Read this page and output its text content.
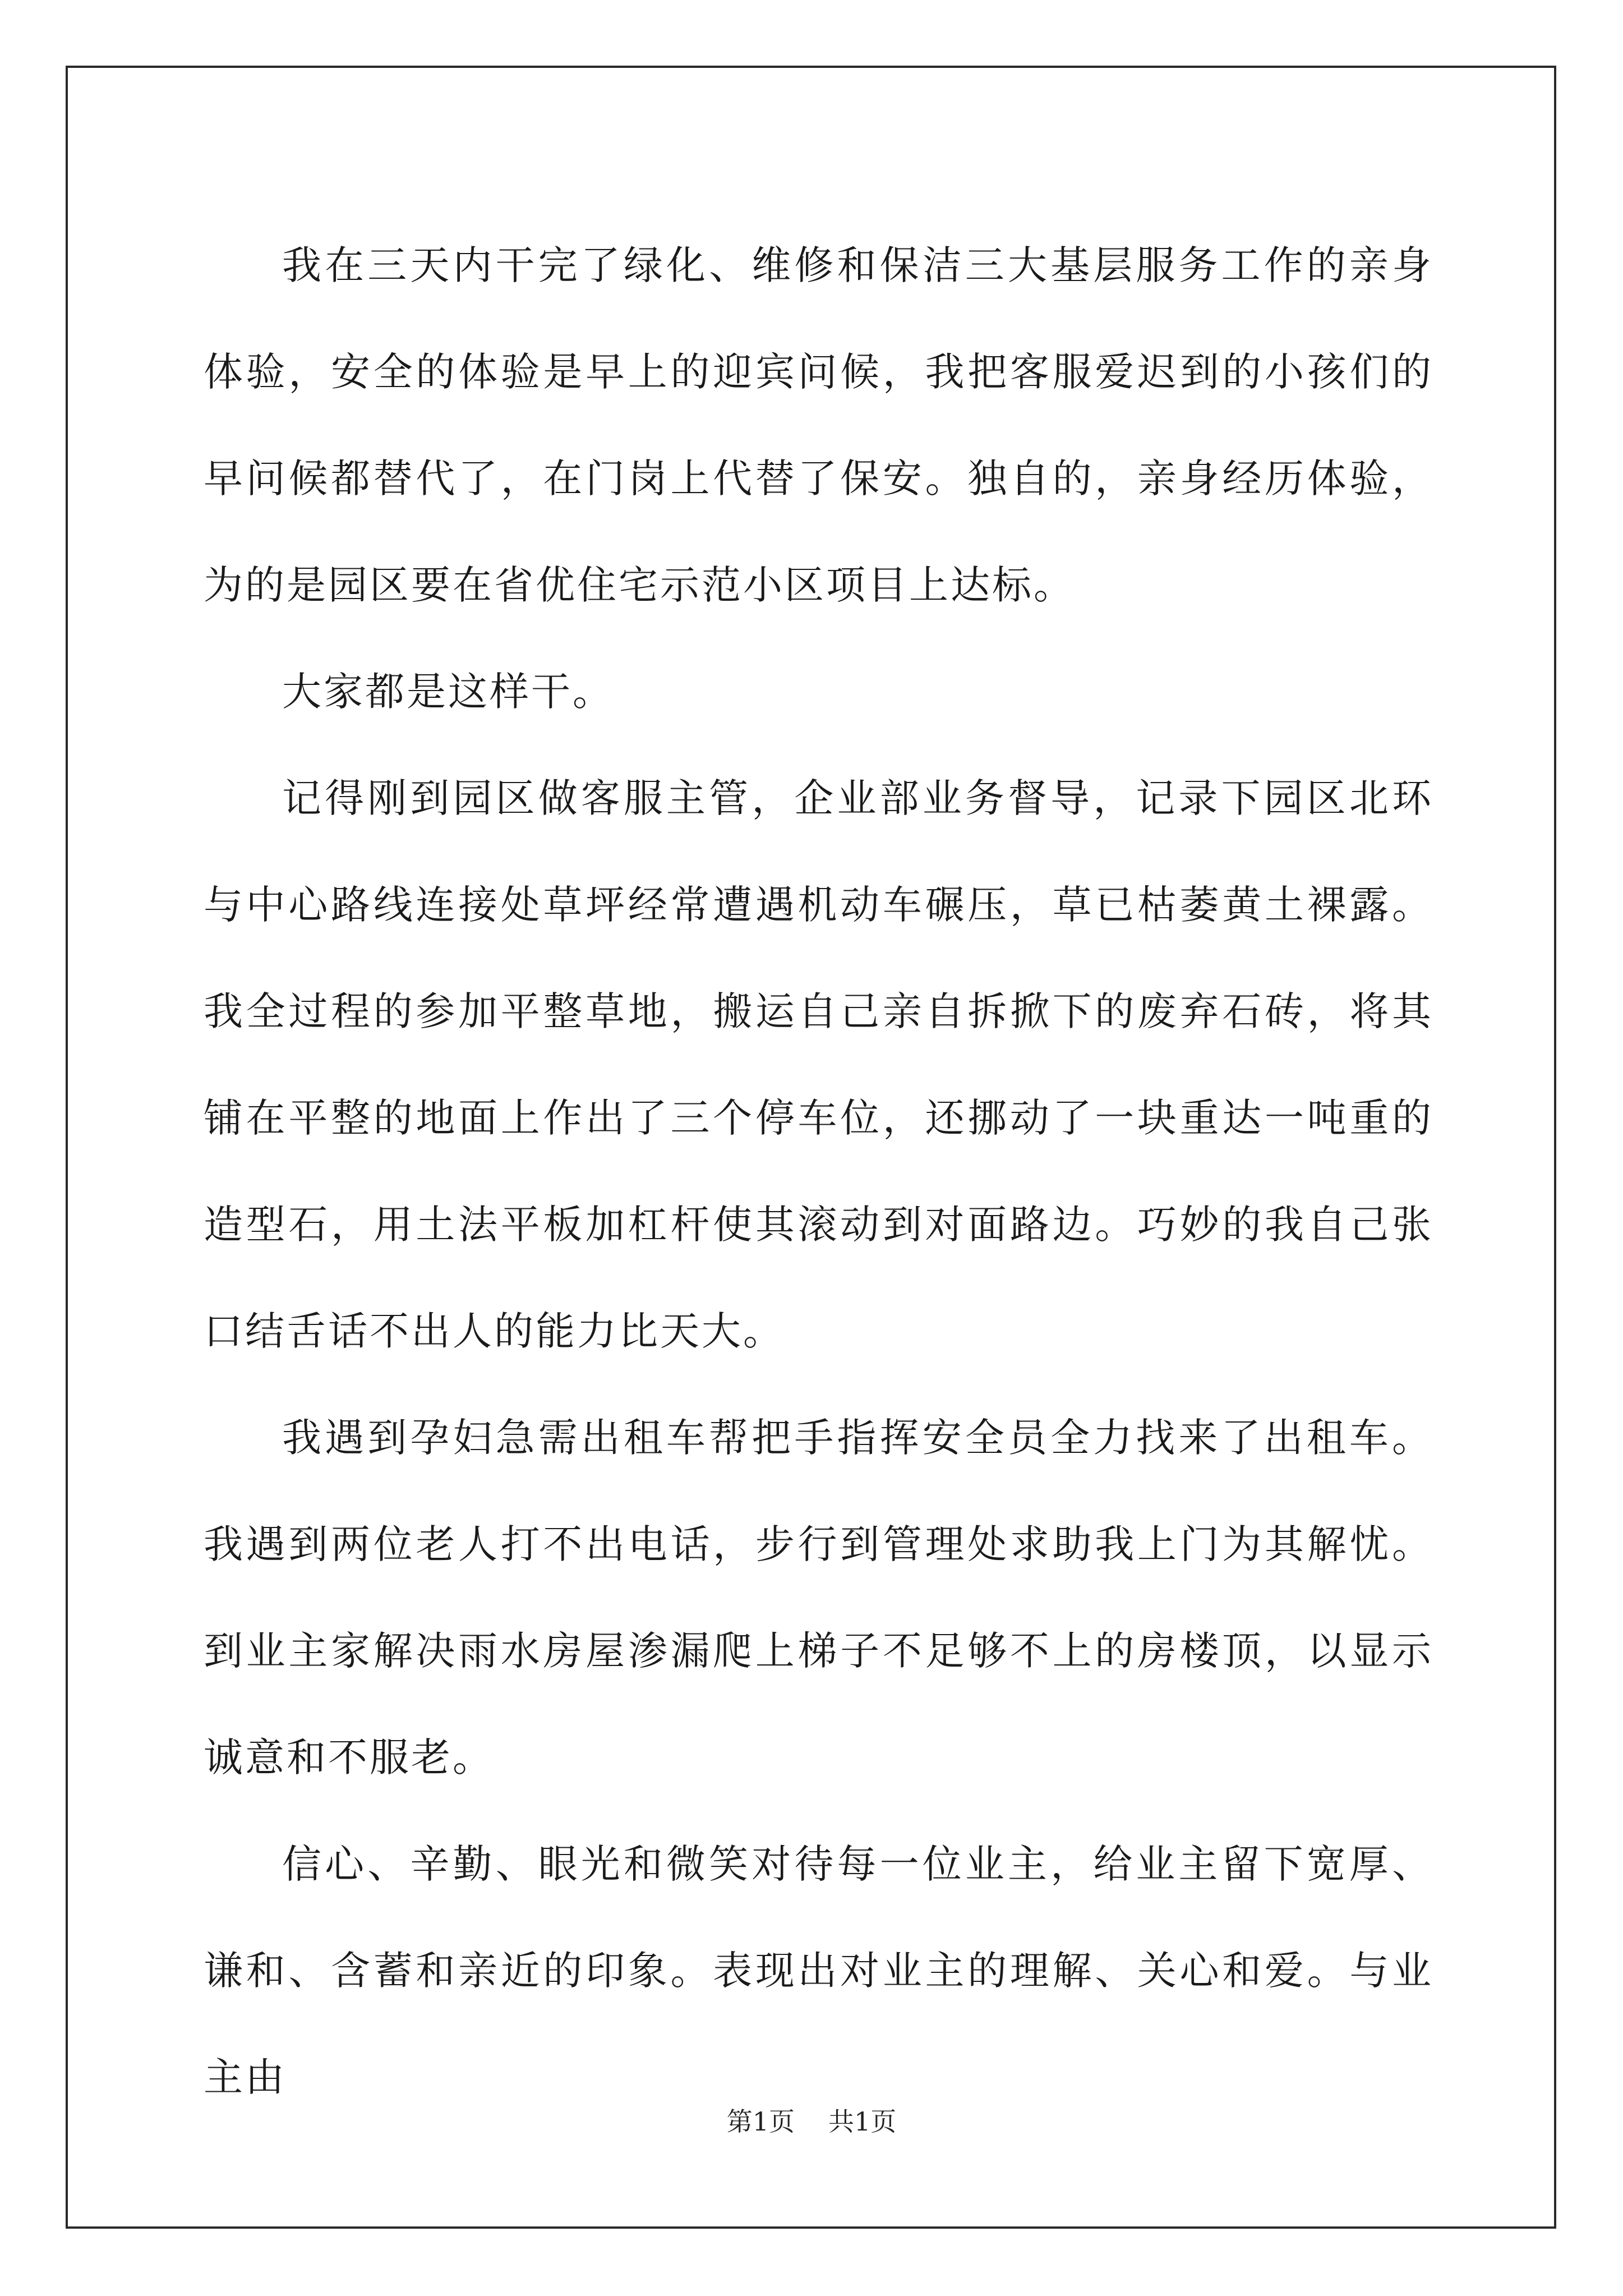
我在三天内干完了绿化、维修和保洁三大基层服务工作的亲身体验，安全的体验是早上的迎宾问候，我把客服爱迟到的小孩们的早问候都替代了，在门岗上代替了保安。独自的，亲身经历体验，为的是园区要在省优住宅示范小区项目上达标。

大家都是这样干。

记得刚到园区做客服主管，企业部业务督导，记录下园区北环与中心路线连接处草坪经常遭遇机动车碾压，草已枯萎黄土裸露。我全过程的参加平整草地，搬运自己亲自拆掀下的废弃石砖，将其铺在平整的地面上作出了三个停车位，还挪动了一块重达一吨重的造型石，用土法平板加杠杆使其滚动到对面路边。巧妙的我自己张口结舌话不出人的能力比天大。

我遇到孕妇急需出租车帮把手指挥安全员全力找来了出租车。我遇到两位老人打不出电话，步行到管理处求助我上门为其解忧。到业主家解决雨水房屋渗漏爬上梯子不足够不上的房楼顶，以显示诚意和不服老。

信心、辛勤、眼光和微笑对待每一位业主，给业主留下宽厚、谦和、含蓄和亲近的印象。表现出对业主的理解、关心和爱。与业主由

第1页 共1页
